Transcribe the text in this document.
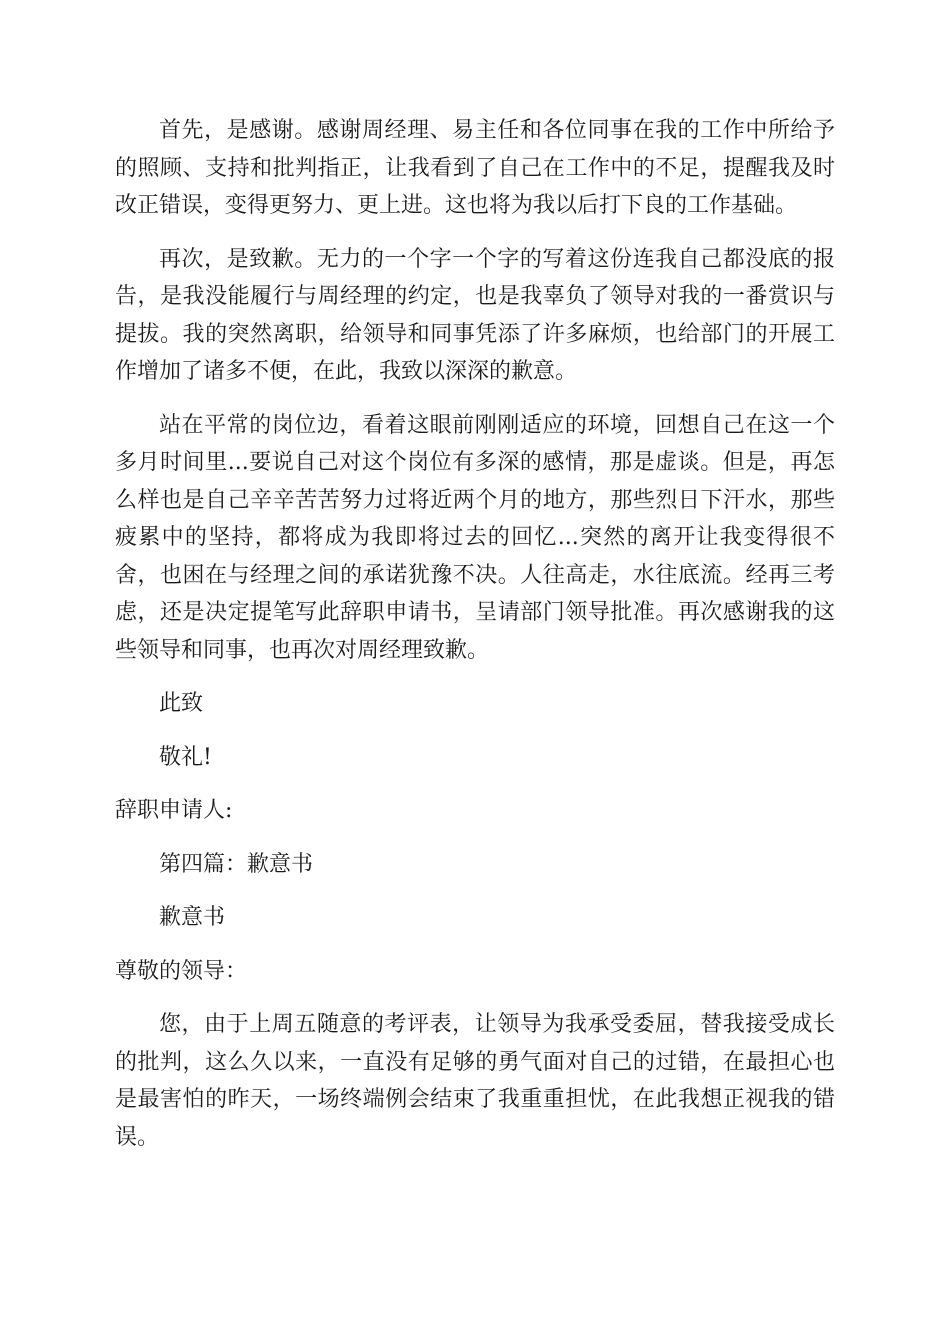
首先，是感谢。感谢周经理、易主任和各位同事在我的工作中所给予的照顾、支持和批判指正，让我看到了自己在工作中的不足，提醒我及时改正错误，变得更努力、更上进。这也将为我以后打下良的工作基础。

再次，是致歉。无力的一个字一个字的写着这份连我自己都没底的报告，是我没能履行与周经理的约定，也是我辜负了领导对我的一番赏识与提拔。我的突然离职，给领导和同事凭添了许多麻烦，也给部门的开展工作增加了诸多不便，在此，我致以深深的歉意。

站在平常的岗位边，看着这眼前刚刚适应的环境，回想自己在这一个多月时间里...要说自己对这个岗位有多深的感情，那是虚谈。但是，再怎么样也是自己辛辛苦苦努力过将近两个月的地方，那些烈日下汗水，那些疲累中的坚持，都将成为我即将过去的回忆...突然的离开让我变得很不舍，也困在与经理之间的承诺犹豫不决。人往高走，水往底流。经再三考虑，还是决定提笔写此辞职申请书，呈请部门领导批准。再次感谢我的这些领导和同事，也再次对周经理致歉。

此致

敬礼!

辞职申请人:

第四篇：歉意书

歉意书

尊敬的领导：

您，由于上周五随意的考评表，让领导为我承受委屈，替我接受成长的批判，这么久以来，一直没有足够的勇气面对自己的过错，在最担心也是最害怕的昨天，一场终端例会结束了我重重担忧，在此我想正视我的错误。
